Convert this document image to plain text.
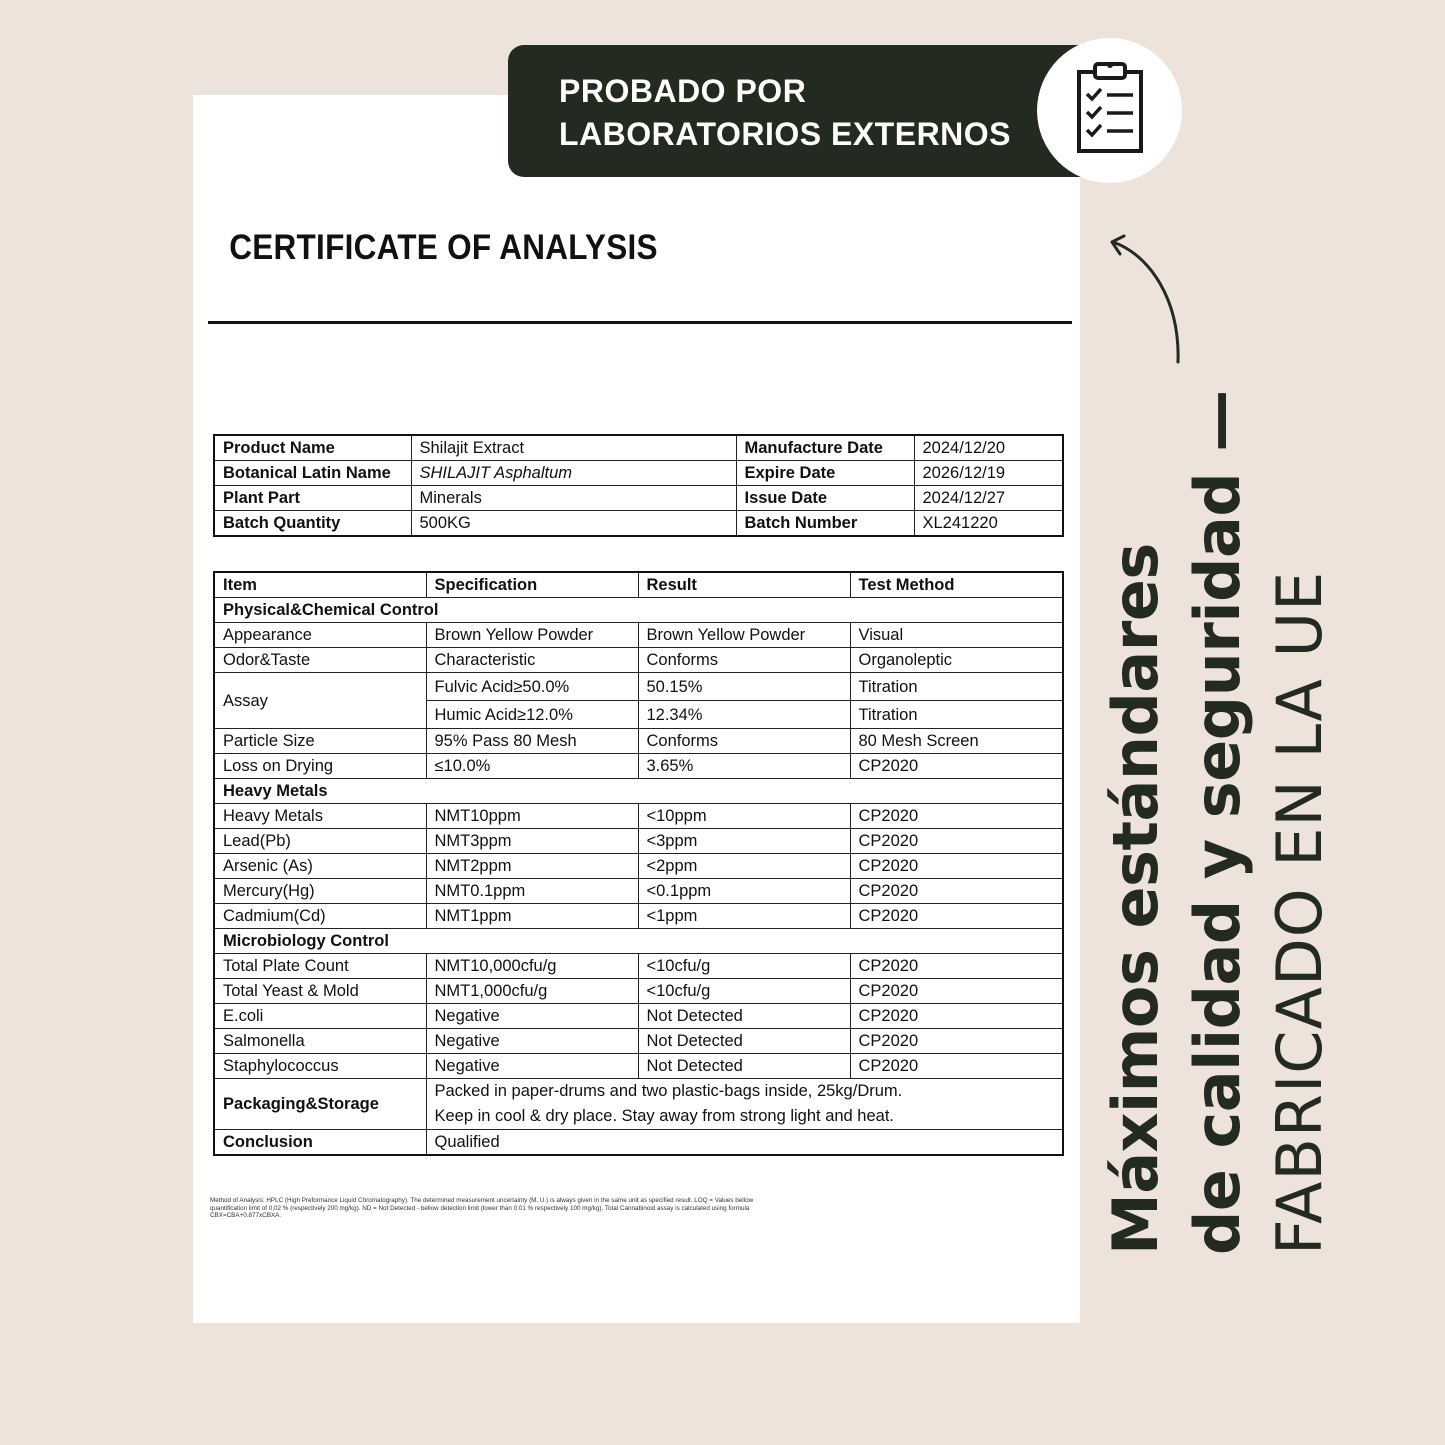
CERTIFICATE OF ANALYSIS
Product Name	Shilajit Extract	Manufacture Date	2024/12/20
Botanical Latin Name	SHILAJIT Asphaltum	Expire Date	2026/12/19
Plant Part	Minerals	Issue Date	2024/12/27
Batch Quantity	500KG	Batch Number	XL241220
Item	Specification	Result	Test Method
Physical&Chemical Control			
Appearance	Brown Yellow Powder	Brown Yellow Powder	Visual
Odor&Taste	Characteristic	Conforms	Organoleptic
Assay	Fulvic Acid≥50.0%	50.15%	Titration
	Humic Acid≥12.0%	12.34%	Titration
Particle Size	95% Pass 80 Mesh	Conforms	80 Mesh Screen
Loss on Drying	≤10.0%	3.65%	CP2020
Heavy Metals			
Heavy Metals	NMT10ppm	<10ppm	CP2020
Lead(Pb)	NMT3ppm	<3ppm	CP2020
Arsenic (As)	NMT2ppm	<2ppm	CP2020
Mercury(Hg)	NMT0.1ppm	<0.1ppm	CP2020
Cadmium(Cd)	NMT1ppm	<1ppm	CP2020
Microbiology Control			
Total Plate Count	NMT10,000cfu/g	<10cfu/g	CP2020
Total Yeast & Mold	NMT1,000cfu/g	<10cfu/g	CP2020
E.coli	Negative	Not Detected	CP2020
Salmonella	Negative	Not Detected	CP2020
Staphylococcus	Negative	Not Detected	CP2020
Packaging&Storage	Packed in paper-drums and two plastic-bags inside, 25kg/Drum.
Keep in cool & dry place. Stay away from strong light and heat.		
Conclusion	Qualified		
Method of Analysis: HPLC (High Preformance Liquid Chromatography). The determined measurement uncertainty (M. U.) is always given in the same unit as specified result. LOQ = Values bellow quantification limit of 0,02 % (respectively 200 mg/kg). ND = Not Detected - bellow detection limit (lower than 0.01 % respectively 100 mg/kg). Total Cannabinoid assay is calculated using formula CBX=CBA+0.877xCBXA.
PROBADO POR
LABORATORIOS EXTERNOS
Máximos estándares de calidad y seguridad — FABRICADO EN LA UE
